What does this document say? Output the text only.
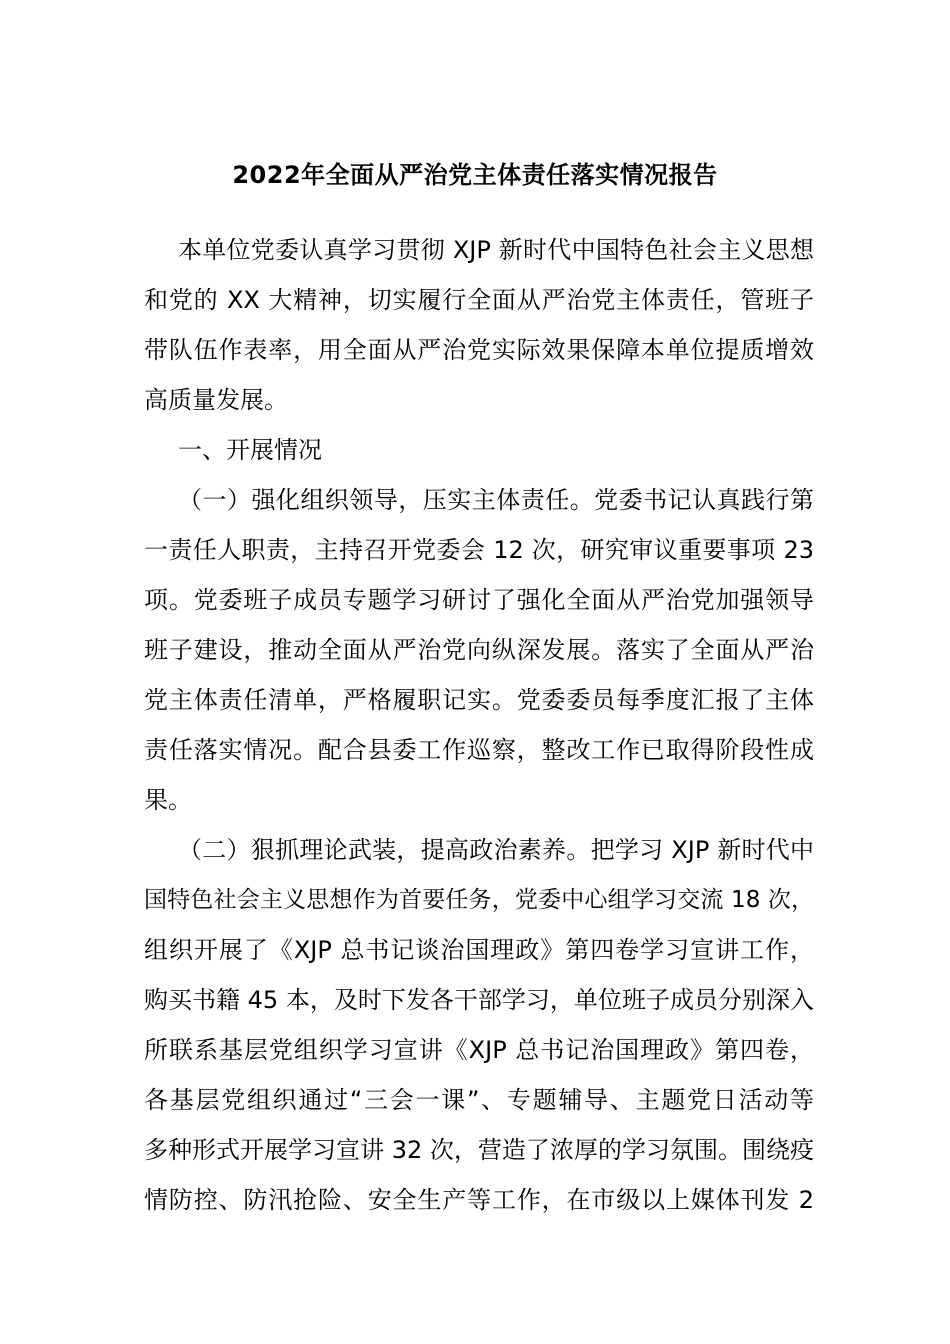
2022年全面从严治党主体责任落实情况报告
本单位党委认真学习贯彻 XJP 新时代中国特色社会主义思想
和党的 XX 大精神，切实履行全面从严治党主体责任，管班子
带队伍作表率，用全面从严治党实际效果保障本单位提质增效
高质量发展。
一、开展情况
（一）强化组织领导，压实主体责任。党委书记认真践行第
一责任人职责，主持召开党委会 12 次，研究审议重要事项 23
项。党委班子成员专题学习研讨了强化全面从严治党加强领导
班子建设，推动全面从严治党向纵深发展。落实了全面从严治
党主体责任清单，严格履职记实。党委委员每季度汇报了主体
责任落实情况。配合县委工作巡察，整改工作已取得阶段性成
果。
（二）狠抓理论武装，提高政治素养。把学习 XJP 新时代中
国特色社会主义思想作为首要任务，党委中心组学习交流 18 次，
组织开展了《XJP 总书记谈治国理政》第四卷学习宣讲工作，
购买书籍 45 本，及时下发各干部学习，单位班子成员分别深入
所联系基层党组织学习宣讲《XJP 总书记治国理政》第四卷，
各基层党组织通过“三会一课”、专题辅导、主题党日活动等
多种形式开展学习宣讲 32 次，营造了浓厚的学习氛围。围绕疫
情防控、防汛抢险、安全生产等工作，在市级以上媒体刊发 2
